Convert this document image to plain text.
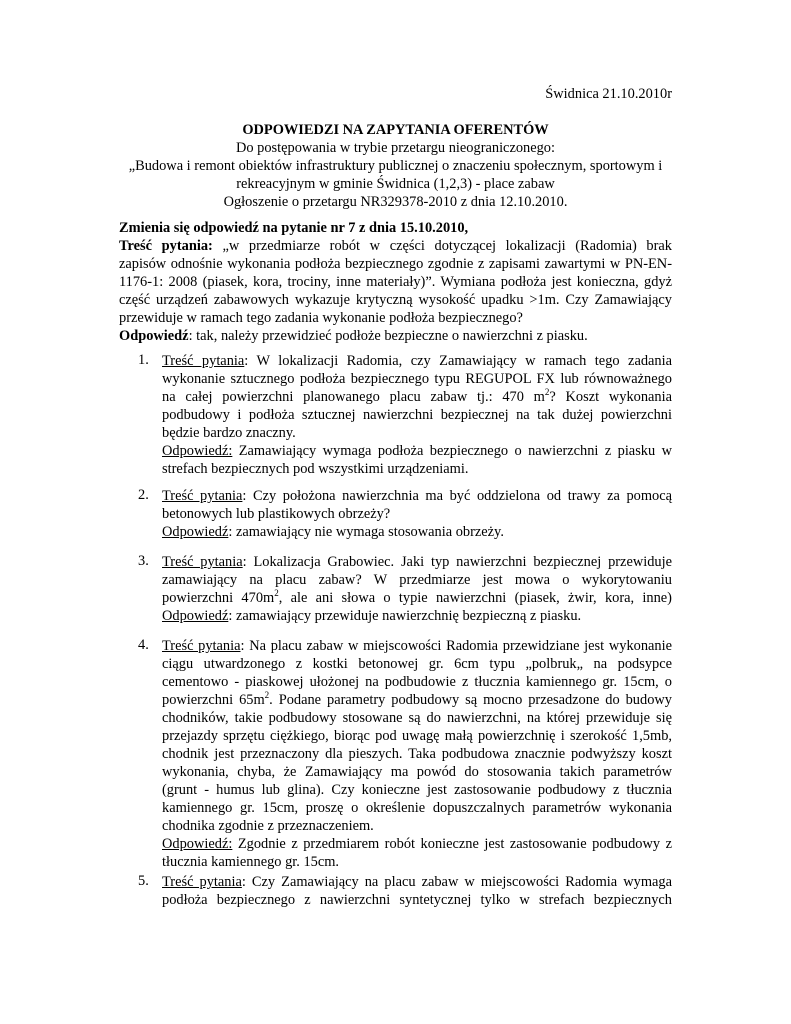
Świdnica 21.10.2010r
ODPOWIEDZI NA ZAPYTANIA OFERENTÓW
Do postępowania w trybie przetargu nieograniczonego:
„Budowa i remont obiektów infrastruktury publicznej o znaczeniu społecznym, sportowym i
rekreacyjnym w gminie Świdnica (1,2,3) - place zabaw
Ogłoszenie o przetargu NR329378-2010 z dnia 12.10.2010.
Zmienia się odpowiedź na pytanie nr 7 z dnia 15.10.2010,
Treść pytania: „w przedmiarze robót w części dotyczącej lokalizacji (Radomia) brak
zapisów odnośnie wykonania podłoża bezpiecznego zgodnie z zapisami zawartymi w PN-EN-
1176-1: 2008 (piasek, kora, trociny, inne materiały)”. Wymiana podłoża jest konieczna, gdyż
część urządzeń zabawowych wykazuje krytyczną wysokość upadku >1m. Czy Zamawiający
przewiduje w ramach tego zadania wykonanie podłoża bezpiecznego?
Odpowiedź: tak, należy przewidzieć podłoże bezpieczne o nawierzchni z piasku.
1. Treść pytania: W lokalizacji Radomia, czy Zamawiający w ramach tego zadania
wykonanie sztucznego podłoża bezpiecznego typu REGUPOL FX lub równoważnego
na całej powierzchni planowanego placu zabaw tj.: 470 $m^2$? Koszt wykonania
podbudowy i podłoża sztucznej nawierzchni bezpiecznej na tak dużej powierzchni
będzie bardzo znaczny.
Odpowiedź: Zamawiający wymaga podłoża bezpiecznego o nawierzchni z piasku w
strefach bezpiecznych pod wszystkimi urządzeniami.
2. Treść pytania: Czy położona nawierzchnia ma być oddzielona od trawy za pomocą
betonowych lub plastikowych obrzeży?
Odpowiedź: zamawiający nie wymaga stosowania obrzeży.
3. Treść pytania: Lokalizacja Grabowiec. Jaki typ nawierzchni bezpiecznej przewiduje
zamawiający na placu zabaw? W przedmiarze jest mowa o wykorytowaniu
powierzchni $470m^2$, ale ani słowa o typie nawierzchni (piasek, żwir, kora, inne)
Odpowiedź: zamawiający przewiduje nawierzchnię bezpieczną z piasku.
4. Treść pytania: Na placu zabaw w miejscowości Radomia przewidziane jest wykonanie
ciągu utwardzonego z kostki betonowej gr. 6cm typu „polbruk„ na podsypce
cementowo - piaskowej ułożonej na podbudowie z tłucznia kamiennego gr. 15cm, o
powierzchni $65m^2$. Podane parametry podbudowy są mocno przesadzone do budowy
chodników, takie podbudowy stosowane są do nawierzchni, na której przewiduje się
przejazdy sprzętu ciężkiego, biorąc pod uwagę małą powierzchnię i szerokość 1,5mb,
chodnik jest przeznaczony dla pieszych. Taka podbudowa znacznie podwyższy koszt
wykonania, chyba, że Zamawiający ma powód do stosowania takich parametrów
(grunt - humus lub glina). Czy konieczne jest zastosowanie podbudowy z tłucznia
kamiennego gr. 15cm, proszę o określenie dopuszczalnych parametrów wykonania
chodnika zgodnie z przeznaczeniem.
Odpowiedź: Zgodnie z przedmiarem robót konieczne jest zastosowanie podbudowy z
tłucznia kamiennego gr. 15cm.
5. Treść pytania: Czy Zamawiający na placu zabaw w miejscowości Radomia wymaga
podłoża bezpiecznego z nawierzchni syntetycznej tylko w strefach bezpiecznych
